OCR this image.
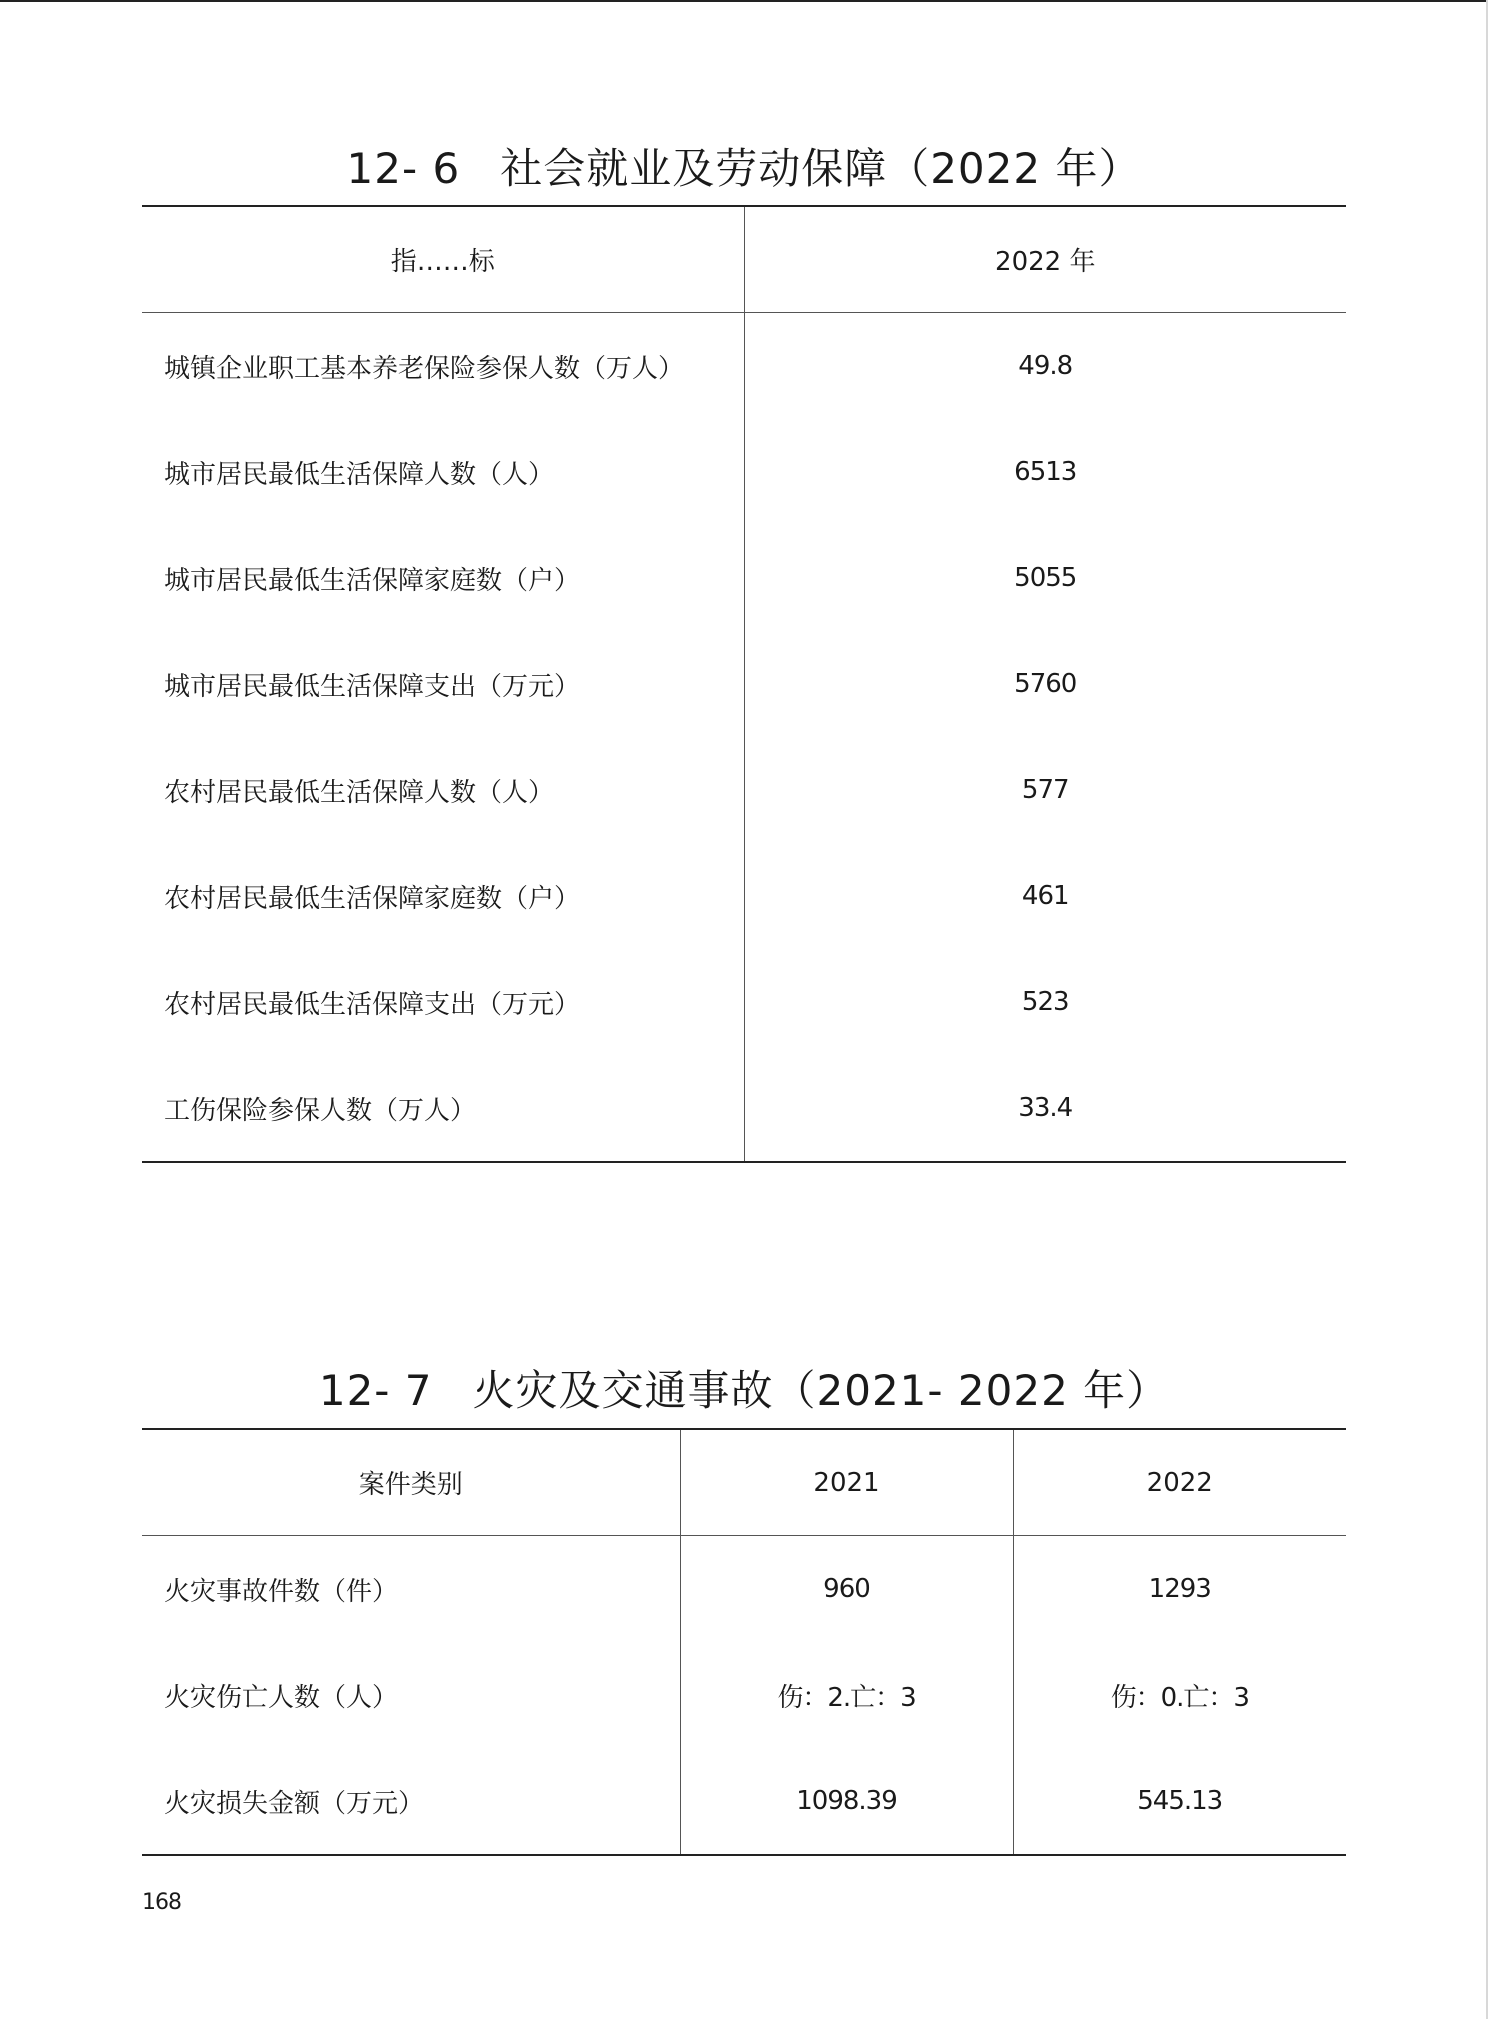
12- 6 社会就业及劳动保障（2022 年）
指……标	2022 年
城镇企业职工基本养老保险参保人数（万人）	49.8
城市居民最低生活保障人数（人）	6513
城市居民最低生活保障家庭数（户）	5055
城市居民最低生活保障支出（万元）	5760
农村居民最低生活保障人数（人）	577
农村居民最低生活保障家庭数（户）	461
农村居民最低生活保障支出（万元）	523
工伤保险参保人数（万人）	33.4
12- 7 火灾及交通事故（2021- 2022 年）
案件类别	2021	2022
火灾事故件数（件）	960	1293
火灾伤亡人数（人）	伤：2.亡：3	伤：0.亡：3
火灾损失金额（万元）	1098.39	545.13
168
